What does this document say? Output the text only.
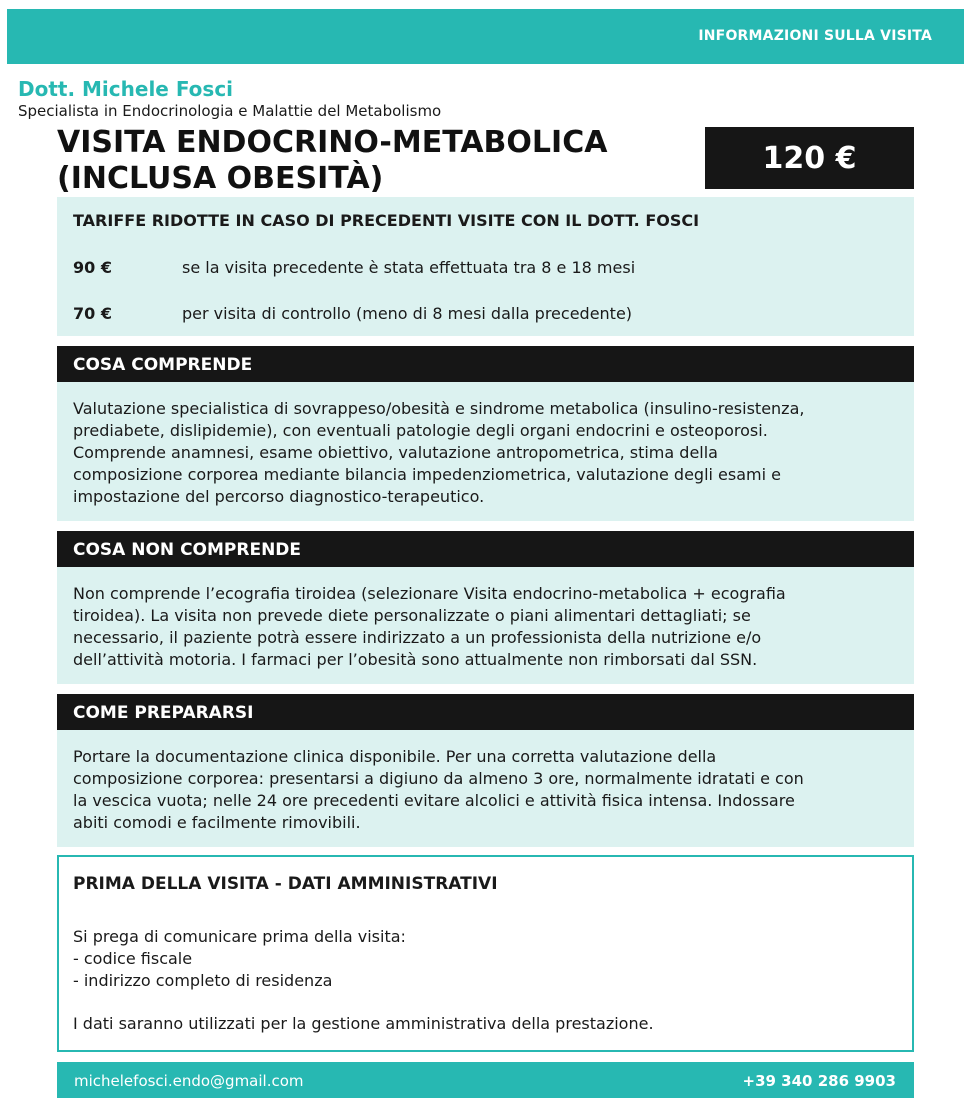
INFORMAZIONI SULLA VISITA
Dott. Michele Fosci
Specialista in Endocrinologia e Malattie del Metabolismo
VISITA ENDOCRINO-METABOLICA
(INCLUSA OBESITÀ)
120 €
TARIFFE RIDOTTE IN CASO DI PRECEDENTI VISITE CON IL DOTT. FOSCI
90 €	se la visita precedente è stata effettuata tra 8 e 18 mesi
70 €	per visita di controllo (meno di 8 mesi dalla precedente)
COSA COMPRENDE
Valutazione specialistica di sovrappeso/obesità e sindrome metabolica (insulino-resistenza,
prediabete, dislipidemie), con eventuali patologie degli organi endocrini e osteoporosi.
Comprende anamnesi, esame obiettivo, valutazione antropometrica, stima della
composizione corporea mediante bilancia impedenziometrica, valutazione degli esami e
impostazione del percorso diagnostico-terapeutico.
COSA NON COMPRENDE
Non comprende l’ecografia tiroidea (selezionare Visita endocrino-metabolica + ecografia
tiroidea). La visita non prevede diete personalizzate o piani alimentari dettagliati; se
necessario, il paziente potrà essere indirizzato a un professionista della nutrizione e/o
dell’attività motoria. I farmaci per l’obesità sono attualmente non rimborsati dal SSN.
COME PREPARARSI
Portare la documentazione clinica disponibile. Per una corretta valutazione della
composizione corporea: presentarsi a digiuno da almeno 3 ore, normalmente idratati e con
la vescica vuota; nelle 24 ore precedenti evitare alcolici e attività fisica intensa. Indossare
abiti comodi e facilmente rimovibili.
PRIMA DELLA VISITA - DATI AMMINISTRATIVI
Si prega di comunicare prima della visita:
- codice fiscale
- indirizzo completo di residenza
I dati saranno utilizzati per la gestione amministrativa della prestazione.
michelefosci.endo@gmail.com	+39 340 286 9903
